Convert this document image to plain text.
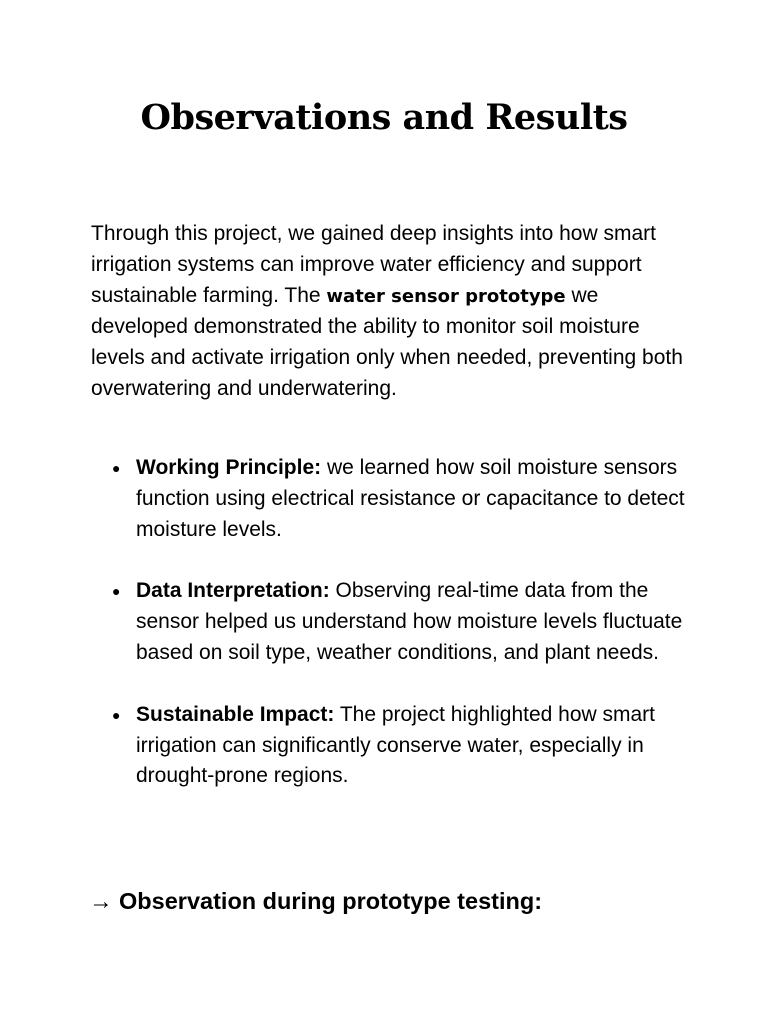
Observations and Results

Through this project, we gained deep insights into how smart irrigation systems can improve water efficiency and support sustainable farming. The water sensor prototype we developed demonstrated the ability to monitor soil moisture levels and activate irrigation only when needed, preventing both overwatering and underwatering.

● Working Principle: we learned how soil moisture sensors function using electrical resistance or capacitance to detect moisture levels.
● Data Interpretation: Observing real-time data from the sensor helped us understand how moisture levels fluctuate based on soil type, weather conditions, and plant needs.
● Sustainable Impact: The project highlighted how smart irrigation can significantly conserve water, especially in drought-prone regions.
→ Observation during prototype testing:
